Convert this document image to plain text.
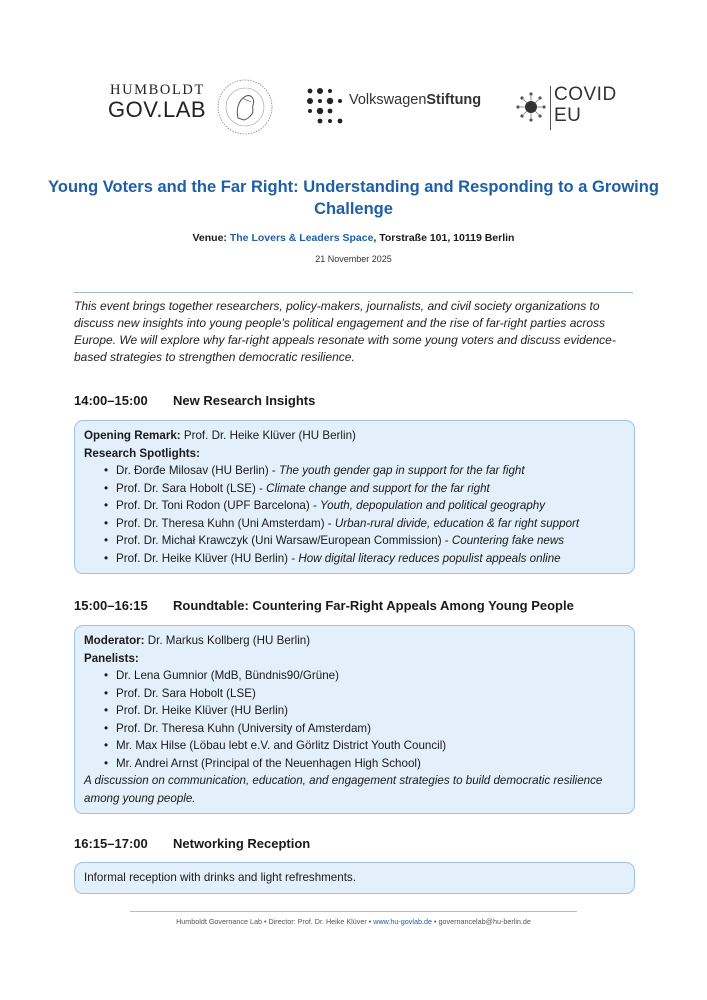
HUMBOLDT
GOV.LAB	VolkswagenStiftung	COVID
EU
Young Voters and the Far Right: Understanding and Responding to a Growing Challenge
Venue: The Lovers & Leaders Space, Torstraße 101, 10119 Berlin
21 November 2025
This event brings together researchers, policy-makers, journalists, and civil society organizations to discuss new insights into young people's political engagement and the rise of far-right parties across Europe. We will explore why far-right appeals resonate with some young voters and discuss evidence-based strategies to strengthen democratic resilience.
14:00–15:00 New Research Insights
Opening Remark: Prof. Dr. Heike Klüver (HU Berlin)
Research Spotlights:
• Dr. Đorđe Milosav (HU Berlin) - The youth gender gap in support for the far fight
• Prof. Dr. Sara Hobolt (LSE) - Climate change and support for the far right
• Prof. Dr. Toni Rodon (UPF Barcelona) - Youth, depopulation and political geography
• Prof. Dr. Theresa Kuhn (Uni Amsterdam) - Urban-rural divide, education & far right support
• Prof. Dr. Michał Krawczyk (Uni Warsaw/European Commission) - Countering fake news
• Prof. Dr. Heike Klüver (HU Berlin) - How digital literacy reduces populist appeals online
15:00–16:15 Roundtable: Countering Far-Right Appeals Among Young People
Moderator: Dr. Markus Kollberg (HU Berlin)
Panelists:
• Dr. Lena Gumnior (MdB, Bündnis90/Grüne)
• Prof. Dr. Sara Hobolt (LSE)
• Prof. Dr. Heike Klüver (HU Berlin)
• Prof. Dr. Theresa Kuhn (University of Amsterdam)
• Mr. Max Hilse (Löbau lebt e.V. and Görlitz District Youth Council)
• Mr. Andrei Arnst (Principal of the Neuenhagen High School)
A discussion on communication, education, and engagement strategies to build democratic resilience among young people.
16:15–17:00 Networking Reception
Informal reception with drinks and light refreshments.
Humboldt Governance Lab • Director: Prof. Dr. Heike Klüver • www.hu-govlab.de • governancelab@hu-berlin.de
